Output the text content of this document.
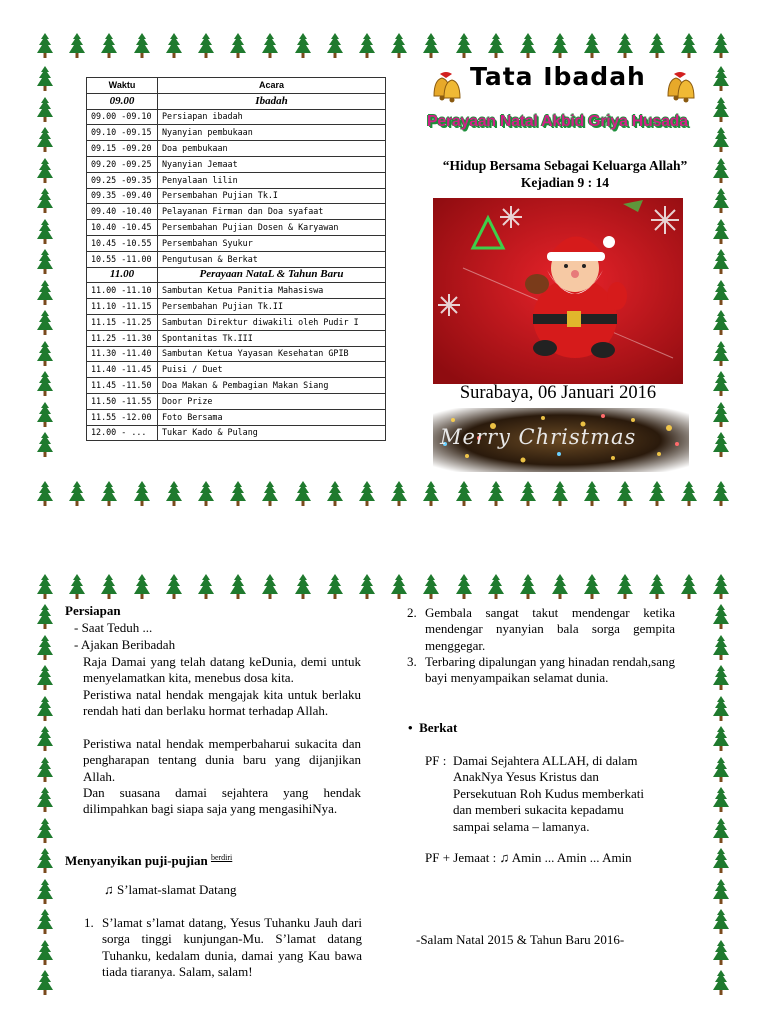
Waktu	Acara
09.00	Ibadah
09.00 -09.10	Persiapan ibadah
09.10 -09.15	Nyanyian pembukaan
09.15 -09.20	Doa pembukaan
09.20 -09.25	Nyanyian Jemaat
09.25 -09.35	Penyalaan lilin
09.35 -09.40	Persembahan Pujian Tk.I
09.40 -10.40	Pelayanan Firman dan Doa syafaat
10.40 -10.45	Persembahan Pujian Dosen & Karyawan
10.45 -10.55	Persembahan Syukur
10.55 -11.00	Pengutusan & Berkat
11.00	Perayaan NataL & Tahun Baru
11.00 -11.10	Sambutan Ketua Panitia Mahasiswa
11.10 -11.15	Persembahan Pujian Tk.II
11.15 -11.25	Sambutan Direktur diwakili oleh Pudir I
11.25 -11.30	Spontanitas Tk.III
11.30 -11.40	Sambutan Ketua Yayasan Kesehatan GPIB
11.40 -11.45	Puisi / Duet
11.45 -11.50	Doa Makan & Pembagian Makan Siang
11.50 -11.55	Door Prize
11.55 -12.00	Foto Bersama
12.00 - ...	Tukar Kado & Pulang
Tata Ibadah
Perayaan Natal Akbid Griya Husada
“Hidup Bersama Sebagai Keluarga Allah”
Kejadian 9 : 14
Surabaya, 06 Januari 2016
Merry Christmas
Persiapan
- Saat Teduh ...
- Ajakan Beribadah
Raja Damai yang telah datang keDunia, demi untuk menyelamatkan kita, menebus dosa kita.
Peristiwa natal hendak mengajak kita untuk berlaku rendah hati dan berlaku hormat terhadap Allah.
Peristiwa natal hendak memperbaharui sukacita dan pengharapan tentang dunia baru yang dijanjikan Allah.
Dan suasana damai sejahtera yang hendak dilimpahkan bagi siapa saja yang mengasihiNya.
Menyanyikan puji-pujian $^{berdiri}$
♫ S’lamat-slamat Datang
1. S’lamat s’lamat datang, Yesus Tuhanku Jauh dari sorga tinggi kunjungan-Mu. S’lamat datang Tuhanku, kedalam dunia, damai yang Kau bawa tiada tiaranya. Salam, salam!
2. Gembala sangat takut mendengar ketika mendengar nyanyian bala sorga gempita menggegar.
3. Terbaring dipalungan yang hinadan rendah,sang bayi menyampaikan selamat dunia.
•  Berkat
PF : Damai Sejahtera ALLAH, di dalam
AnakNya Yesus Kristus dan
Persekutuan Roh Kudus memberkati
dan memberi sukacita kepadamu
sampai selama – lamanya.
PF + Jemaat : ♫ Amin ... Amin ... Amin
-Salam Natal 2015 & Tahun Baru 2016-
